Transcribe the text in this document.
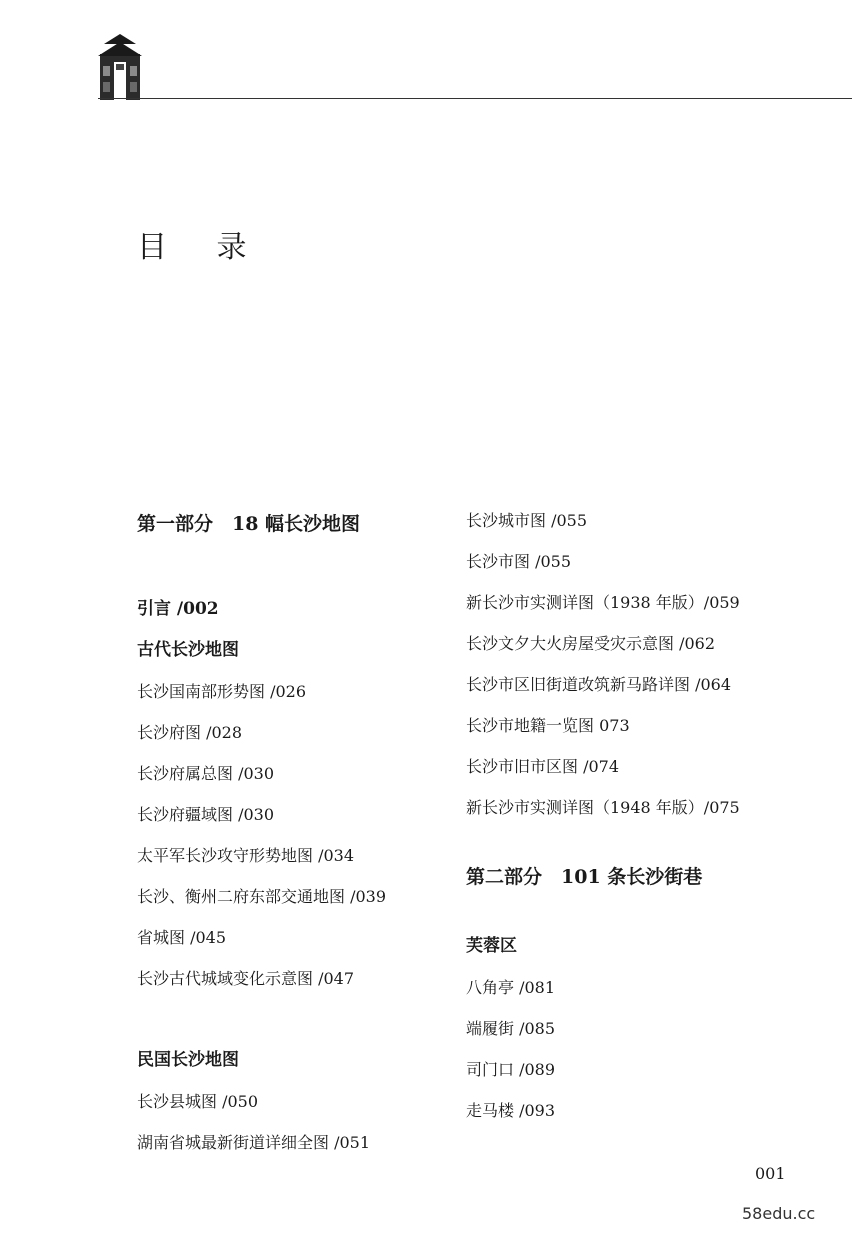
目 录
第一部分　18 幅长沙地图
引言 /002
古代长沙地图
长沙国南部形势图 /026
长沙府图 /028
长沙府属总图 /030
长沙府疆域图 /030
太平军长沙攻守形势地图 /034
长沙、衡州二府东部交通地图 /039
省城图 /045
长沙古代城域变化示意图 /047
民国长沙地图
长沙县城图 /050
湖南省城最新街道详细全图 /051
长沙城市图 /055
长沙市图 /055
新长沙市实测详图（1938 年版）/059
长沙文夕大火房屋受灾示意图 /062
长沙市区旧街道改筑新马路详图 /064
长沙市地籍一览图 073
长沙市旧市区图 /074
新长沙市实测详图（1948 年版）/075
第二部分　101 条长沙街巷
芙蓉区
八角亭 /081
端履街 /085
司门口 /089
走马楼 /093
001
58edu.cc
